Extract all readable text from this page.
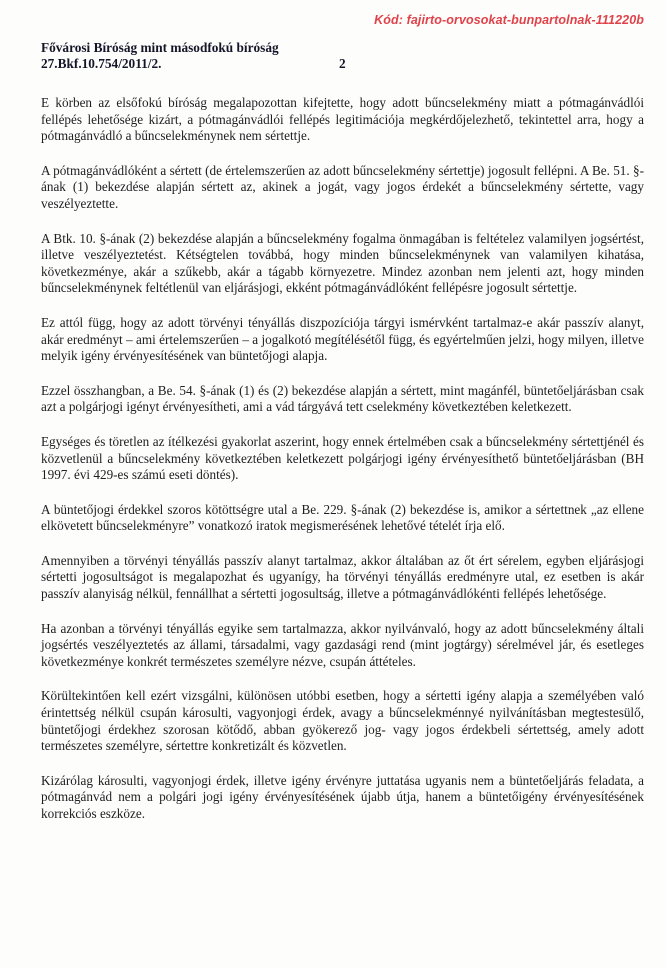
Kód: fajirto-orvosokat-bunpartolnak-111220b
Fővárosi Bíróság mint másodfokú bíróság
27.Bkf.10.754/2011/2.	2

E körben az elsőfokú bíróság megalapozottan kifejtette, hogy adott bűncselekmény miatt a pótmagánvádlói fellépés lehetősége kizárt, a pótmagánvádlói fellépés legitimációja megkérdőjelezhető, tekintettel arra, hogy a pótmagánvádló a bűncselekménynek nem sértettje.

A pótmagánvádlóként a sértett (de értelemszerűen az adott bűncselekmény sértettje) jogosult fellépni. A Be. 51. §-ának (1) bekezdése alapján sértett az, akinek a jogát, vagy jogos érdekét a bűncselekmény sértette, vagy veszélyeztette.

A Btk. 10. §-ának (2) bekezdése alapján a bűncselekmény fogalma önmagában is feltételez valamilyen jogsértést, illetve veszélyeztetést. Kétségtelen továbbá, hogy minden bűncselekménynek van valamilyen kihatása, következménye, akár a szűkebb, akár a tágabb környezetre. Mindez azonban nem jelenti azt, hogy minden bűncselekménynek feltétlenül van eljárásjogi, ekként pótmagánvádlóként fellépésre jogosult sértettje.

Ez attól függ, hogy az adott törvényi tényállás diszpozíciója tárgyi ismérvként tartalmaz-e akár passzív alanyt, akár eredményt – ami értelemszerűen – a jogalkotó megítélésétől függ, és egyértelműen jelzi, hogy milyen, illetve melyik igény érvényesítésének van büntetőjogi alapja.

Ezzel összhangban, a Be. 54. §-ának (1) és (2) bekezdése alapján a sértett, mint magánfél, büntetőeljárásban csak azt a polgárjogi igényt érvényesítheti, ami a vád tárgyává tett cselekmény következtében keletkezett.

Egységes és töretlen az ítélkezési gyakorlat aszerint, hogy ennek értelmében csak a bűncselekmény sértettjénél és közvetlenül a bűncselekmény következtében keletkezett polgárjogi igény érvényesíthető büntetőeljárásban (BH 1997. évi 429-es számú eseti döntés).

A büntetőjogi érdekkel szoros kötöttségre utal a Be. 229. §-ának (2) bekezdése is, amikor a sértettnek „az ellene elkövetett bűncselekményre” vonatkozó iratok megismerésének lehetővé tételét írja elő.

Amennyiben a törvényi tényállás passzív alanyt tartalmaz, akkor általában az őt ért sérelem, egyben eljárásjogi sértetti jogosultságot is megalapozhat és ugyanígy, ha törvényi tényállás eredményre utal, ez esetben is akár passzív alanyiság nélkül, fennállhat a sértetti jogosultság, illetve a pótmagánvádlókénti fellépés lehetősége.

Ha azonban a törvényi tényállás egyike sem tartalmazza, akkor nyilvánvaló, hogy az adott bűncselekmény általi jogsértés veszélyeztetés az állami, társadalmi, vagy gazdasági rend (mint jogtárgy) sérelmével jár, és esetleges következménye konkrét természetes személyre nézve, csupán áttételes.

Körültekintően kell ezért vizsgálni, különösen utóbbi esetben, hogy a sértetti igény alapja a személyében való érintettség nélkül csupán károsulti, vagyonjogi érdek, avagy a bűncselekménnyé nyilvánításban megtestesülő, büntetőjogi érdekhez szorosan kötődő, abban gyökerező jog- vagy jogos érdekbeli sértettség, amely adott természetes személyre, sértettre konkretizált és közvetlen.

Kizárólag károsulti, vagyonjogi érdek, illetve igény érvényre juttatása ugyanis nem a büntetőeljárás feladata, a pótmagánvád nem a polgári jogi igény érvényesítésének újabb útja, hanem a büntetőigény érvényesítésének korrekciós eszköze.
